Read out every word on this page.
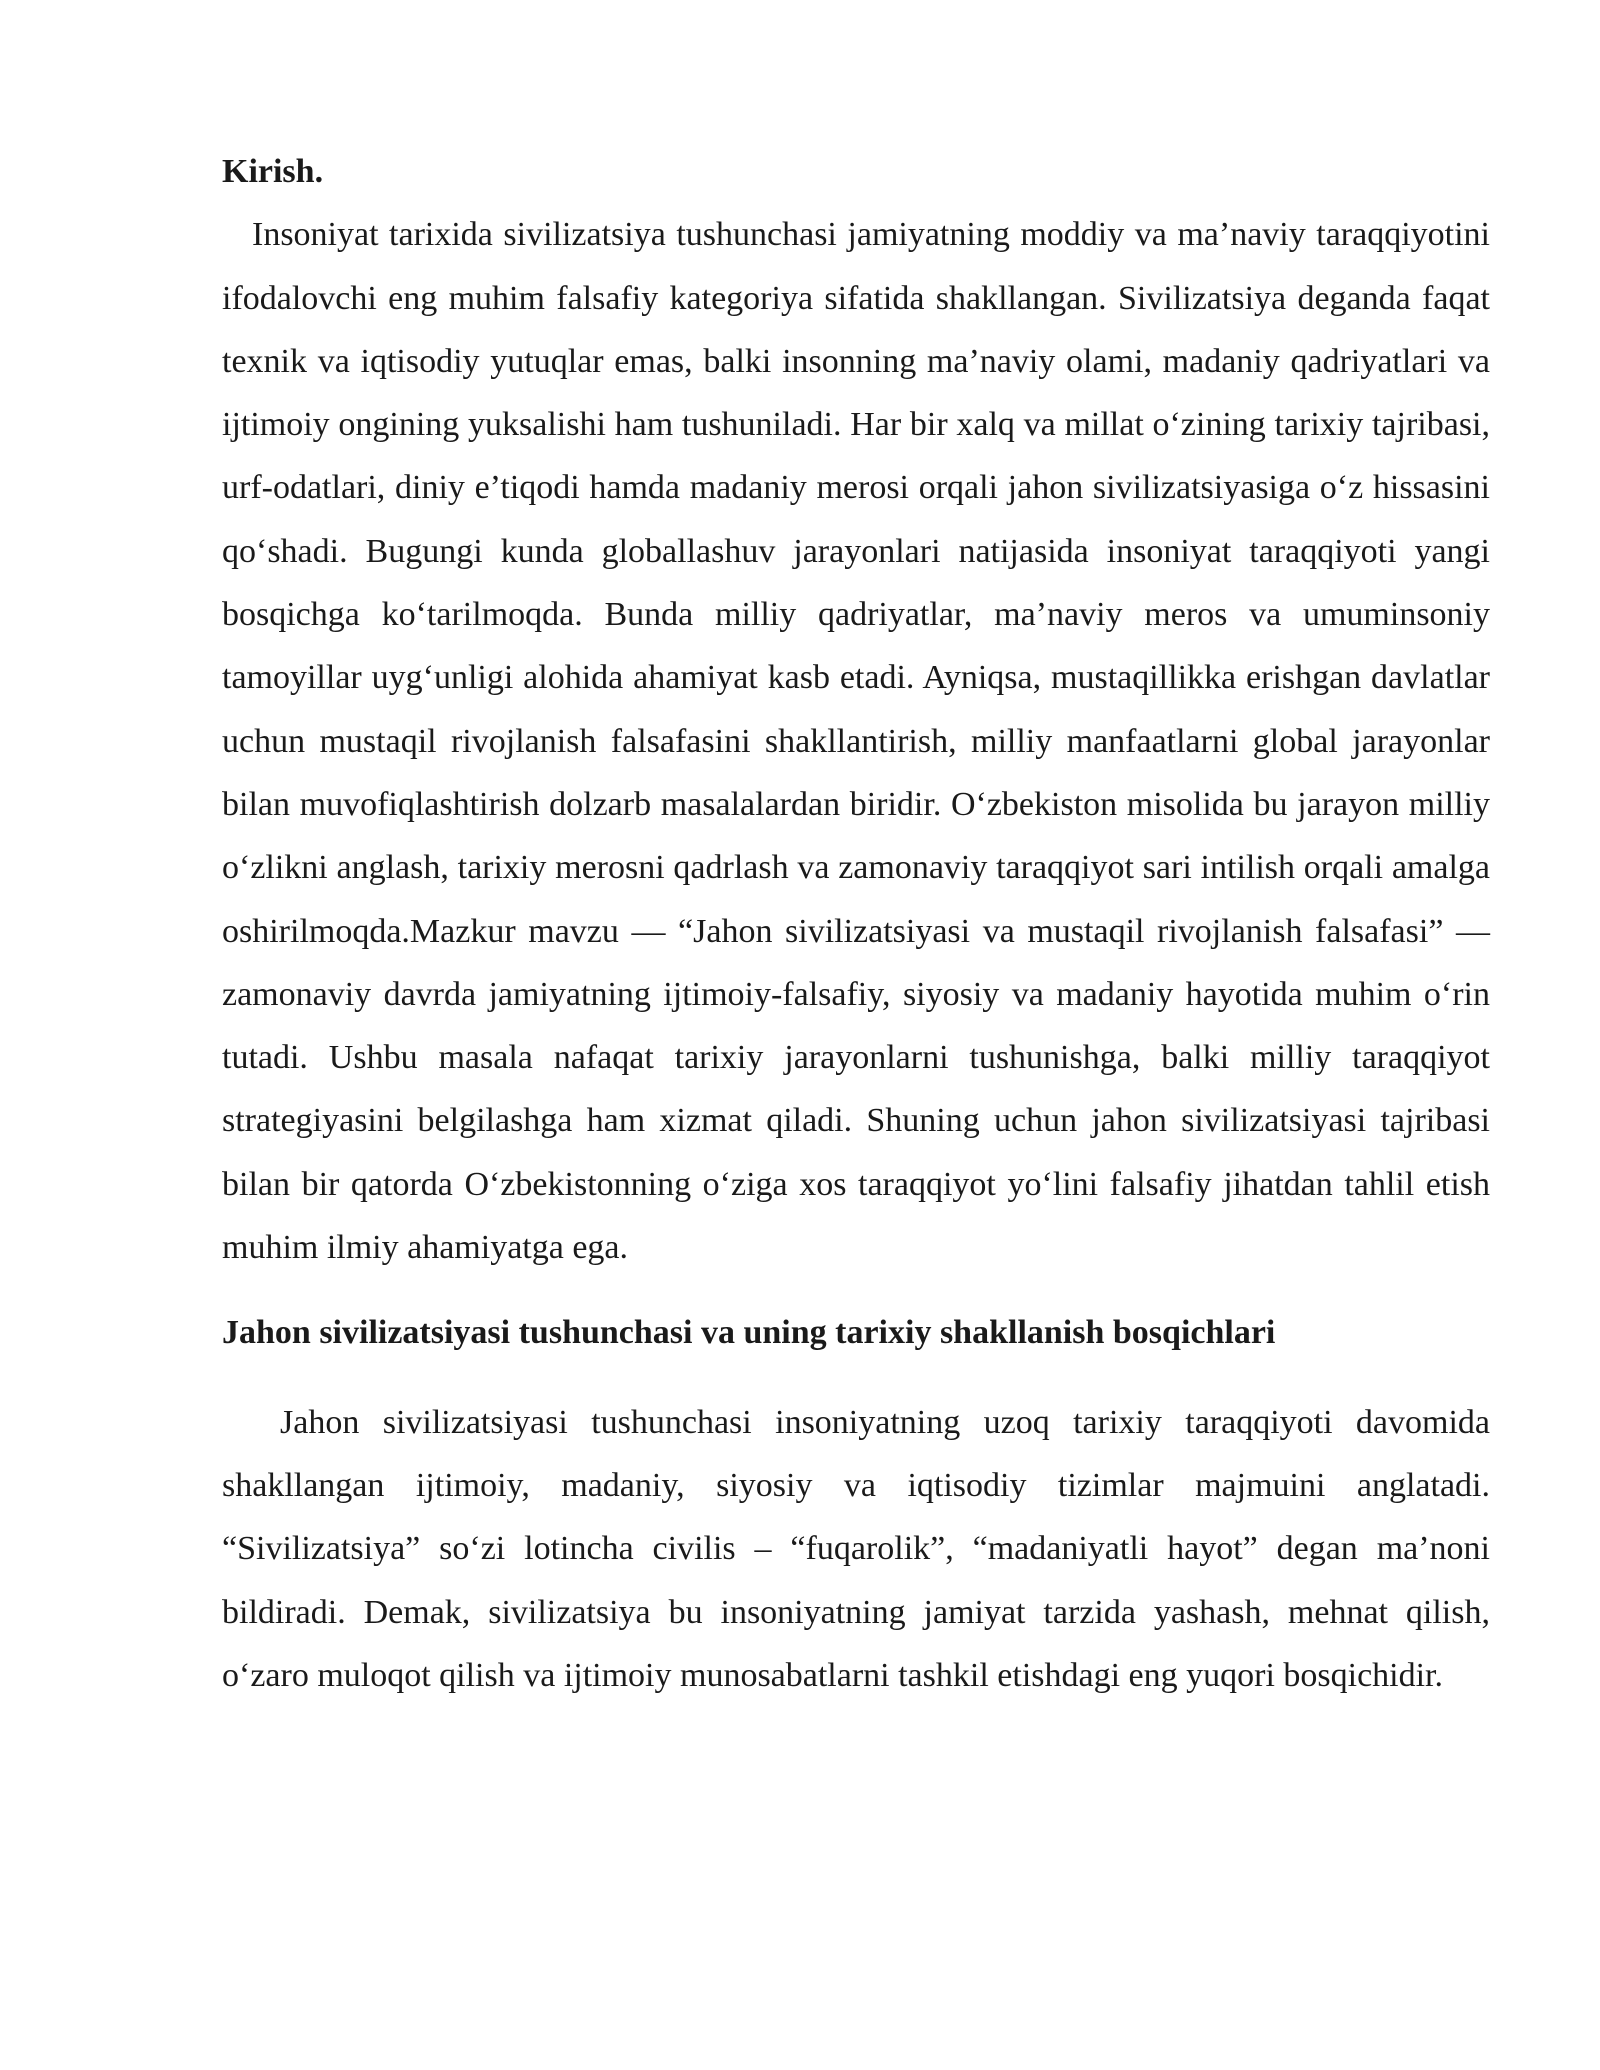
Kirish.

Insoniyat tarixida sivilizatsiya tushunchasi jamiyatning moddiy va ma’naviy taraqqiyotini ifodalovchi eng muhim falsafiy kategoriya sifatida shakllangan. Sivilizatsiya deganda faqat texnik va iqtisodiy yutuqlar emas, balki insonning ma’naviy olami, madaniy qadriyatlari va ijtimoiy ongining yuksalishi ham tushuniladi. Har bir xalq va millat o‘zining tarixiy tajribasi, urf-odatlari, diniy e’tiqodi hamda madaniy merosi orqali jahon sivilizatsiyasiga o‘z hissasini qo‘shadi. Bugungi kunda globallashuv jarayonlari natijasida insoniyat taraqqiyoti yangi bosqichga ko‘tarilmoqda. Bunda milliy qadriyatlar, ma’naviy meros va umuminsoniy tamoyillar uyg‘unligi alohida ahamiyat kasb etadi. Ayniqsa, mustaqillikka erishgan davlatlar uchun mustaqil rivojlanish falsafasini shakllantirish, milliy manfaatlarni global jarayonlar bilan muvofiqlashtirish dolzarb masalalardan biridir. O‘zbekiston misolida bu jarayon milliy o‘zlikni anglash, tarixiy merosni qadrlash va zamonaviy taraqqiyot sari intilish orqali amalga oshirilmoqda.Mazkur mavzu — “Jahon sivilizatsiyasi va mustaqil rivojlanish falsafasi” — zamonaviy davrda jamiyatning ijtimoiy-falsafiy, siyosiy va madaniy hayotida muhim o‘rin tutadi. Ushbu masala nafaqat tarixiy jarayonlarni tushunishga, balki milliy taraqqiyot strategiyasini belgilashga ham xizmat qiladi. Shuning uchun jahon sivilizatsiyasi tajribasi bilan bir qatorda O‘zbekistonning o‘ziga xos taraqqiyot yo‘lini falsafiy jihatdan tahlil etish muhim ilmiy ahamiyatga ega.

Jahon sivilizatsiyasi tushunchasi va uning tarixiy shakllanish bosqichlari

Jahon sivilizatsiyasi tushunchasi insoniyatning uzoq tarixiy taraqqiyoti davomida shakllangan ijtimoiy, madaniy, siyosiy va iqtisodiy tizimlar majmuini anglatadi. “Sivilizatsiya” so‘zi lotincha civilis – “fuqarolik”, “madaniyatli hayot” degan ma’noni bildiradi. Demak, sivilizatsiya bu insoniyatning jamiyat tarzida yashash, mehnat qilish, o‘zaro muloqot qilish va ijtimoiy munosabatlarni tashkil etishdagi eng yuqori bosqichidir.
